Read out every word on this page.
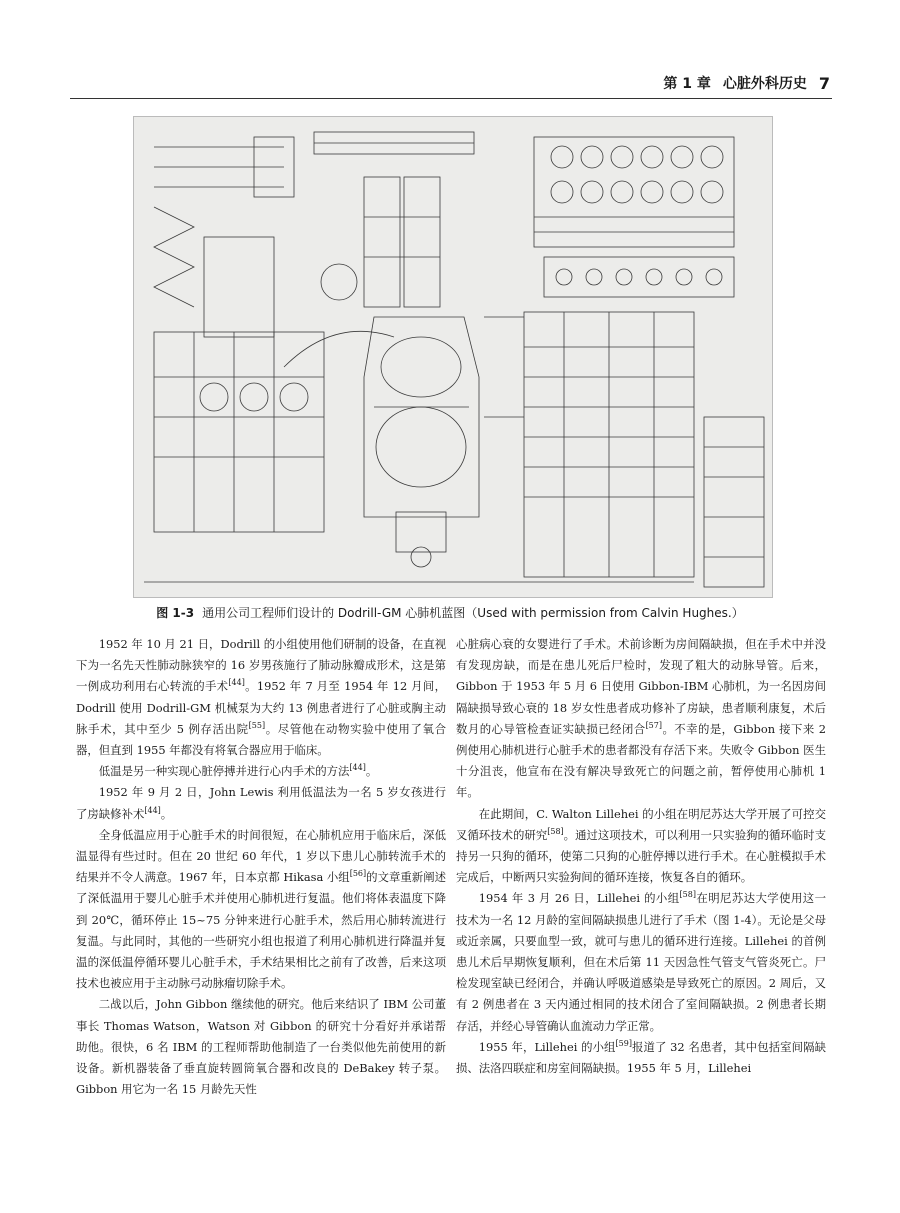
第 1 章 心脏外科历史 7
图 1-3 通用公司工程师们设计的 Dodrill-GM 心肺机蓝图（Used with permission from Calvin Hughes.）

1952 年 10 月 21 日，Dodrill 的小组使用他们研制的设备，在直视下为一名先天性肺动脉狭窄的 16 岁男孩施行了肺动脉瓣成形术，这是第一例成功利用右心转流的手术[44]。1952 年 7 月至 1954 年 12 月间，Dodrill 使用 Dodrill-GM 机械泵为大约 13 例患者进行了心脏或胸主动脉手术，其中至少 5 例存活出院[55]。尽管他在动物实验中使用了氧合器，但直到 1955 年都没有将氧合器应用于临床。

低温是另一种实现心脏停搏并进行心内手术的方法[44]。

1952 年 9 月 2 日，John Lewis 利用低温法为一名 5 岁女孩进行了房缺修补术[44]。

全身低温应用于心脏手术的时间很短，在心肺机应用于临床后，深低温显得有些过时。但在 20 世纪 60 年代，1 岁以下患儿心肺转流手术的结果并不令人满意。1967 年，日本京都 Hikasa 小组[56]的文章重新阐述了深低温用于婴儿心脏手术并使用心肺机进行复温。他们将体表温度下降到 20℃，循环停止 15~75 分钟来进行心脏手术，然后用心肺转流进行复温。与此同时，其他的一些研究小组也报道了利用心肺机进行降温并复温的深低温停循环婴儿心脏手术，手术结果相比之前有了改善，后来这项技术也被应用于主动脉弓动脉瘤切除手术。

二战以后，John Gibbon 继续他的研究。他后来结识了 IBM 公司董事长 Thomas Watson，Watson 对 Gibbon 的研究十分看好并承诺帮助他。很快，6 名 IBM 的工程师帮助他制造了一台类似他先前使用的新设备。新机器装备了垂直旋转圆筒氧合器和改良的 DeBakey 转子泵。Gibbon 用它为一名 15 月龄先天性

心脏病心衰的女婴进行了手术。术前诊断为房间隔缺损，但在手术中并没有发现房缺，而是在患儿死后尸检时，发现了粗大的动脉导管。后来，Gibbon 于 1953 年 5 月 6 日使用 Gibbon-IBM 心肺机，为一名因房间隔缺损导致心衰的 18 岁女性患者成功修补了房缺，患者顺利康复，术后数月的心导管检查证实缺损已经闭合[57]。不幸的是，Gibbon 接下来 2 例使用心肺机进行心脏手术的患者都没有存活下来。失败令 Gibbon 医生十分沮丧，他宣布在没有解决导致死亡的问题之前，暂停使用心肺机 1 年。

在此期间，C. Walton Lillehei 的小组在明尼苏达大学开展了可控交叉循环技术的研究[58]。通过这项技术，可以利用一只实验狗的循环临时支持另一只狗的循环，使第二只狗的心脏停搏以进行手术。在心脏模拟手术完成后，中断两只实验狗间的循环连接，恢复各自的循环。

1954 年 3 月 26 日，Lillehei 的小组[58]在明尼苏达大学使用这一技术为一名 12 月龄的室间隔缺损患儿进行了手术（图 1-4）。无论是父母或近亲属，只要血型一致，就可与患儿的循环进行连接。Lillehei 的首例患儿术后早期恢复顺利，但在术后第 11 天因急性气管支气管炎死亡。尸检发现室缺已经闭合，并确认呼吸道感染是导致死亡的原因。2 周后，又有 2 例患者在 3 天内通过相同的技术闭合了室间隔缺损。2 例患者长期存活，并经心导管确认血流动力学正常。

1955 年，Lillehei 的小组[59]报道了 32 名患者，其中包括室间隔缺损、法洛四联症和房室间隔缺损。1955 年 5 月，Lillehei
